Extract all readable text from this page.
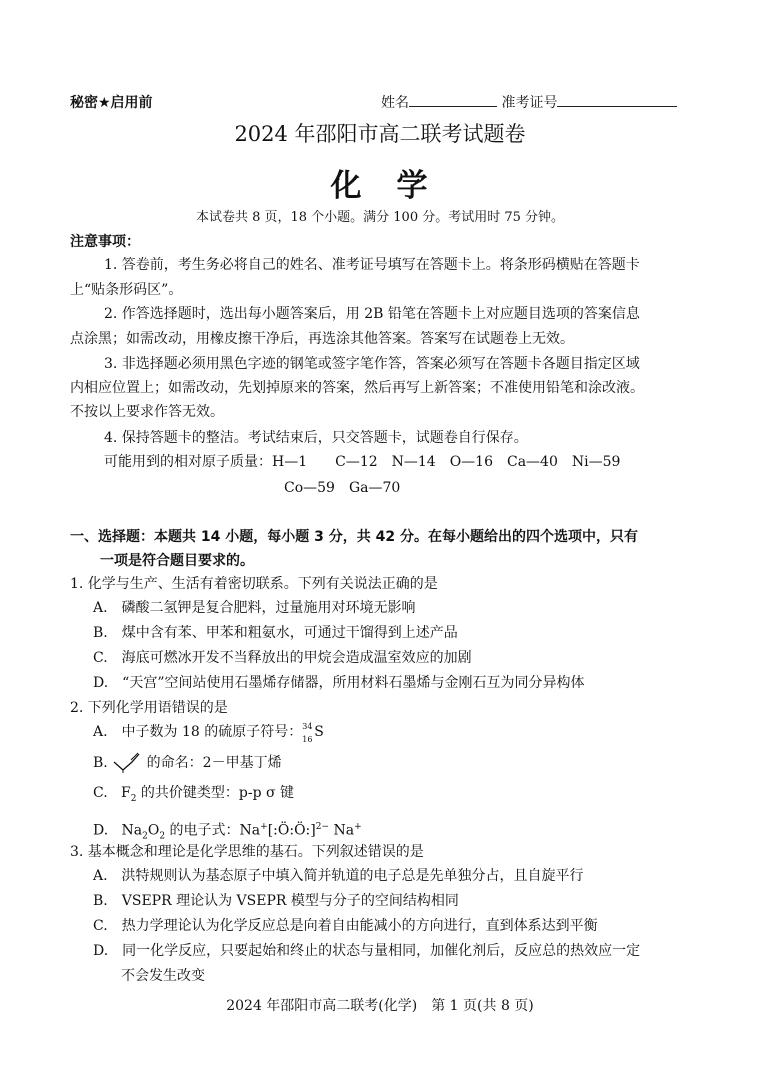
秘密★启用前	姓名	准考证号
2024 年邵阳市高二联考试题卷
化　学
本试卷共 8 页，18 个小题。满分 100 分。考试用时 75 分钟。
注意事项：
1. 答卷前，考生务必将自己的姓名、准考证号填写在答题卡上。将条形码横贴在答题卡
上“贴条形码区”。
2. 作答选择题时，选出每小题答案后，用 2B 铅笔在答题卡上对应题目选项的答案信息
点涂黑；如需改动，用橡皮擦干净后，再选涂其他答案。答案写在试题卷上无效。
3. 非选择题必须用黑色字迹的钢笔或签字笔作答，答案必须写在答题卡各题目指定区域
内相应位置上；如需改动，先划掉原来的答案，然后再写上新答案；不准使用铅笔和涂改液。
不按以上要求作答无效。
4. 保持答题卡的整洁。考试结束后，只交答题卡，试题卷自行保存。
可能用到的相对原子质量：H—1　　C—12　N—14　O—16　Ca—40　Ni—59
Co—59　Ga—70
一、选择题：本题共 14 小题，每小题 3 分，共 42 分。在每小题给出的四个选项中，只有
一项是符合题目要求的。
1. 化学与生产、生活有着密切联系。下列有关说法正确的是
A.　磷酸二氢钾是复合肥料，过量施用对环境无影响
B.　煤中含有苯、甲苯和粗氨水，可通过干馏得到上述产品
C.　海底可燃冰开发不当释放出的甲烷会造成温室效应的加剧
D.　“天宫”空间站使用石墨烯存储器，所用材料石墨烯与金刚石互为同分异构体
2. 下列化学用语错误的是
A.　中子数为 18 的硫原子符号： 34
16 S
B.	的命名：2－甲基丁烯
C. $F_2$ 的共价键类型：p-p σ 键
D. $Na_2O_2$ 的电子式：Na+[:Ö:Ö:]$^{2-}$ Na+
3. 基本概念和理论是化学思维的基石。下列叙述错误的是
A.　洪特规则认为基态原子中填入简并轨道的电子总是先单独分占，且自旋平行
B.　VSEPR 理论认为 VSEPR 模型与分子的空间结构相同
C.　热力学理论认为化学反应总是向着自由能减小的方向进行，直到体系达到平衡
D.　同一化学反应，只要起始和终止的状态与量相同，加催化剂后，反应总的热效应一定
不会发生改变
2024 年邵阳市高二联考(化学)　第 1 页(共 8 页)
